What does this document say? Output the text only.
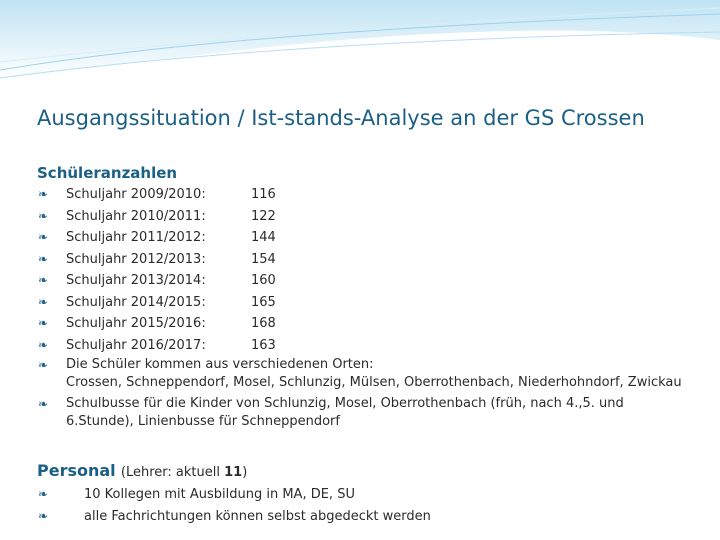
Ausgangssituation / Ist-stands-Analyse an der GS Crossen
Schüleranzahlen
❧	Schuljahr 2009/2010:	116
❧	Schuljahr 2010/2011:	122
❧	Schuljahr 2011/2012:	144
❧	Schuljahr 2012/2013:	154
❧	Schuljahr 2013/2014:	160
❧	Schuljahr 2014/2015:	165
❧	Schuljahr 2015/2016:	168
❧	Schuljahr 2016/2017:	163
❧	Die Schüler kommen aus verschiedenen Orten:
Crossen, Schneppendorf, Mosel, Schlunzig, Mülsen, Oberrothenbach, Niederhohndorf, Zwickau
❧	Schulbusse für die Kinder von Schlunzig, Mosel, Oberrothenbach (früh, nach 4.,5. und 6.Stunde), Linienbusse für Schneppendorf
Personal (Lehrer: aktuell 11)
❧	10 Kollegen mit Ausbildung in MA, DE, SU
❧	alle Fachrichtungen können selbst abgedeckt werden
